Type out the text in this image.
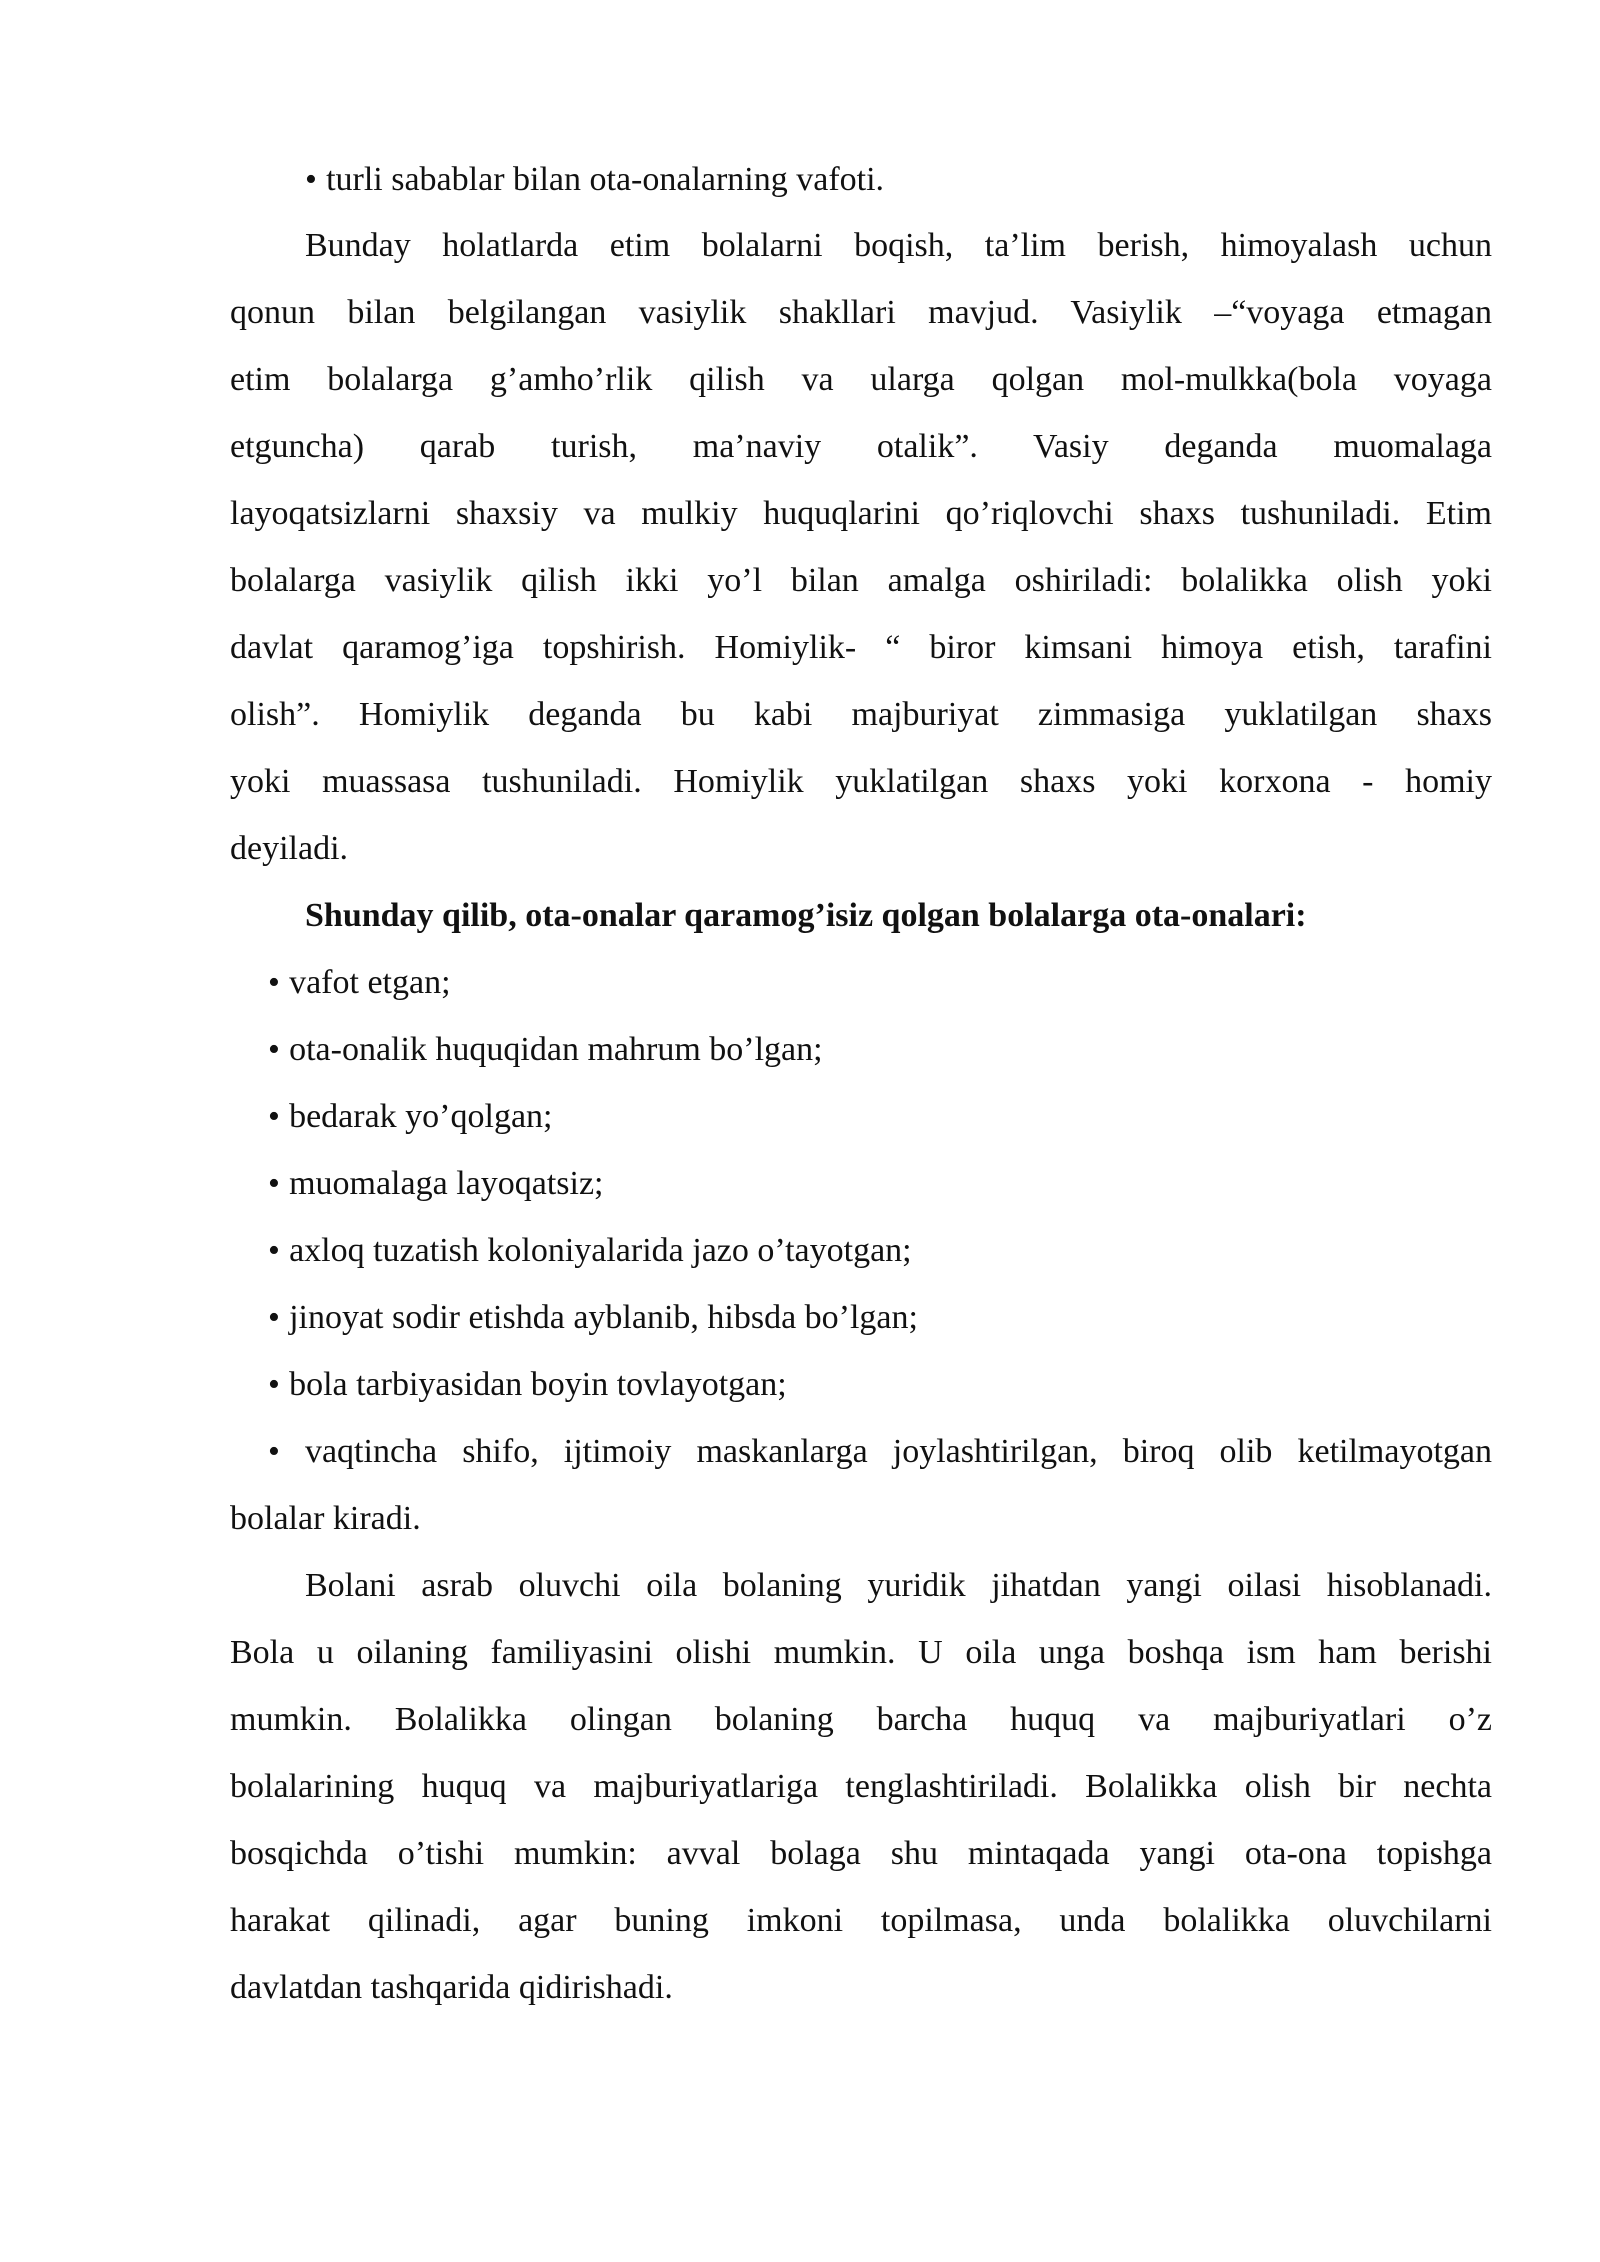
• turli sabablar bilan ota-onalarning vafoti.
Bunday holatlarda etim bolalarni boqish, ta’lim berish, himoyalash uchun
qonun bilan belgilangan vasiylik shakllari mavjud. Vasiylik –“voyaga etmagan
etim bolalarga g’amho’rlik qilish va ularga qolgan mol-mulkka(bola voyaga
etguncha) qarab turish, ma’naviy otalik”. Vasiy deganda muomalaga
layoqatsizlarni shaxsiy va mulkiy huquqlarini qo’riqlovchi shaxs tushuniladi. Etim
bolalarga vasiylik qilish ikki yo’l bilan amalga oshiriladi: bolalikka olish yoki
davlat qaramog’iga topshirish. Homiylik- “ biror kimsani himoya etish, tarafini
olish”. Homiylik deganda bu kabi majburiyat zimmasiga yuklatilgan shaxs
yoki muassasa tushuniladi. Homiylik yuklatilgan shaxs yoki korxona - homiy
deyiladi.
Shunday qilib, ota-onalar qaramog’isiz qolgan bolalarga ota-onalari:
• vafot etgan;
• ota-onalik huquqidan mahrum bo’lgan;
• bedarak yo’qolgan;
• muomalaga layoqatsiz;
• axloq tuzatish koloniyalarida jazo o’tayotgan;
• jinoyat sodir etishda ayblanib, hibsda bo’lgan;
• bola tarbiyasidan boyin tovlayotgan;
• vaqtincha shifo, ijtimoiy maskanlarga joylashtirilgan, biroq olib ketilmayotgan
bolalar kiradi.
Bolani asrab oluvchi oila bolaning yuridik jihatdan yangi oilasi hisoblanadi.
Bola u oilaning familiyasini olishi mumkin. U oila unga boshqa ism ham berishi
mumkin. Bolalikka olingan bolaning barcha huquq va majburiyatlari o’z
bolalarining huquq va majburiyatlariga tenglashtiriladi. Bolalikka olish bir nechta
bosqichda o’tishi mumkin: avval bolaga shu mintaqada yangi ota-ona topishga
harakat qilinadi, agar buning imkoni topilmasa, unda bolalikka oluvchilarni
davlatdan tashqarida qidirishadi.
